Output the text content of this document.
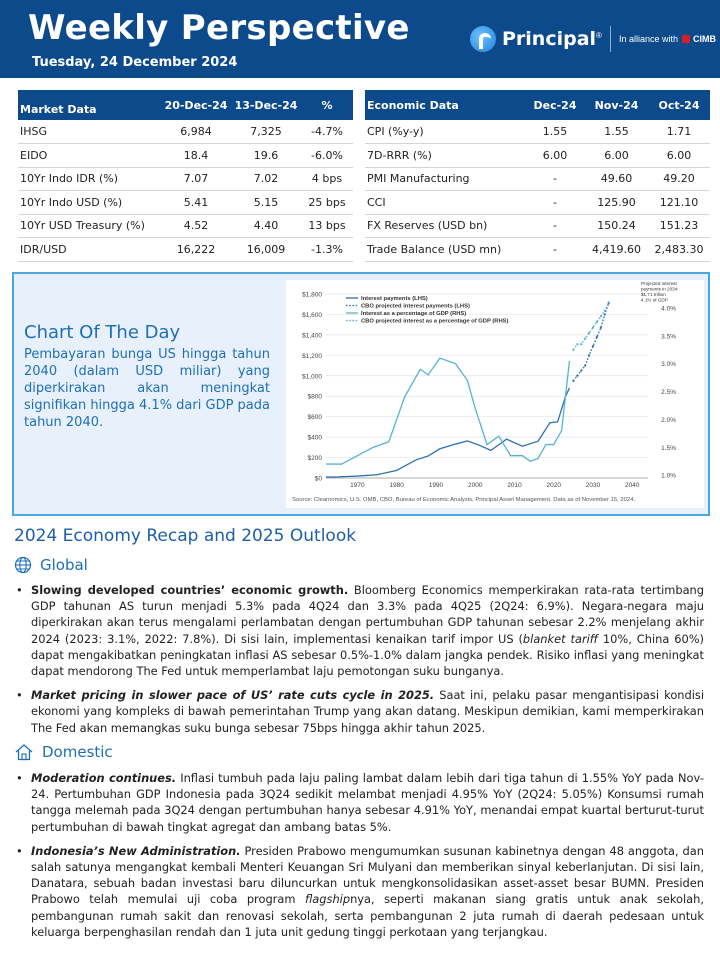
Weekly Perspective
Tuesday, 24 December 2024
Principal® In alliance with CIMB
Market Data	20-Dec-24	13-Dec-24	%
IHSG	6,984	7,325	-4.7%
EIDO	18.4	19.6	-6.0%
10Yr Indo IDR (%)	7.07	7.02	4 bps
10Yr Indo USD (%)	5.41	5.15	25 bps
10Yr USD Treasury (%)	4.52	4.40	13 bps
IDR/USD	16,222	16,009	-1.3%
Economic Data	Dec-24	Nov-24	Oct-24
CPI (%y-y)	1.55	1.55	1.71
7D-RRR (%)	6.00	6.00	6.00
PMI Manufacturing	-	49.60	49.20
CCI	-	125.90	121.10
FX Reserves (USD bn)	-	150.24	151.23
Trade Balance (USD mn)	-	4,419.60	2,483.30
Chart Of The Day
Pembayaran bunga US hingga tahun 2040 (dalam USD miliar) yang diperkirakan akan meningkat signifikan hingga 4.1% dari GDP pada tahun 2040.
$0
$200
$400
$600
$800
$1,000
$1,200
$1,400
$1,600
$1,800
1.0%
1.5%
2.0%
2.5%
3.0%
3.5%
4.0%
1970	1980	1990	2000	2010	2020	2030	2040
Interest payments (LHS)
CBO projected interest payments (LHS)
Interest as a percentage of GDP (RHS)
CBO projected interest as a percentage of GDP (RHS)
Projected interest
payments in 2034:
$1.71 trillion
4.1% of GDP
Source: Clearnomics, U.S. OMB, CBO, Bureau of Economic Analysis, Principal Asset Management. Data as of November 15, 2024.
2024 Economy Recap and 2025 Outlook
Global
• Slowing developed countries’ economic growth. Bloomberg Economics memperkirakan rata-rata tertimbang GDP tahunan AS turun menjadi 5.3% pada 4Q24 dan 3.3% pada 4Q25 (2Q24: 6.9%). Negara-negara maju diperkirakan akan terus mengalami perlambatan dengan pertumbuhan GDP tahunan sebesar 2.2% menjelang akhir 2024 (2023: 3.1%, 2022: 7.8%). Di sisi lain, implementasi kenaikan tarif impor US (blanket tariff 10%, China 60%) dapat mengakibatkan peningkatan inflasi AS sebesar 0.5%-1.0% dalam jangka pendek. Risiko inflasi yang meningkat dapat mendorong The Fed untuk memperlambat laju pemotongan suku bunganya.
• Market pricing in slower pace of US’ rate cuts cycle in 2025. Saat ini, pelaku pasar mengantisipasi kondisi ekonomi yang kompleks di bawah pemerintahan Trump yang akan datang. Meskipun demikian, kami memperkirakan The Fed akan memangkas suku bunga sebesar 75bps hingga akhir tahun 2025.
Domestic
• Moderation continues. Inflasi tumbuh pada laju paling lambat dalam lebih dari tiga tahun di 1.55% YoY pada Nov-24. Pertumbuhan GDP Indonesia pada 3Q24 sedikit melambat menjadi 4.95% YoY (2Q24: 5.05%) Konsumsi rumah tangga melemah pada 3Q24 dengan pertumbuhan hanya sebesar 4.91% YoY, menandai empat kuartal berturut-turut pertumbuhan di bawah tingkat agregat dan ambang batas 5%.
• Indonesia’s New Administration. Presiden Prabowo mengumumkan susunan kabinetnya dengan 48 anggota, dan salah satunya mengangkat kembali Menteri Keuangan Sri Mulyani dan memberikan sinyal keberlanjutan. Di sisi lain, Danatara, sebuah badan investasi baru diluncurkan untuk mengkonsolidasikan asset-asset besar BUMN. Presiden Prabowo telah memulai uji coba program flagshipnya, seperti makanan siang gratis untuk anak sekolah, pembangunan rumah sakit dan renovasi sekolah, serta pembangunan 2 juta rumah di daerah pedesaan untuk keluarga berpenghasilan rendah dan 1 juta unit gedung tinggi perkotaan yang terjangkau.
